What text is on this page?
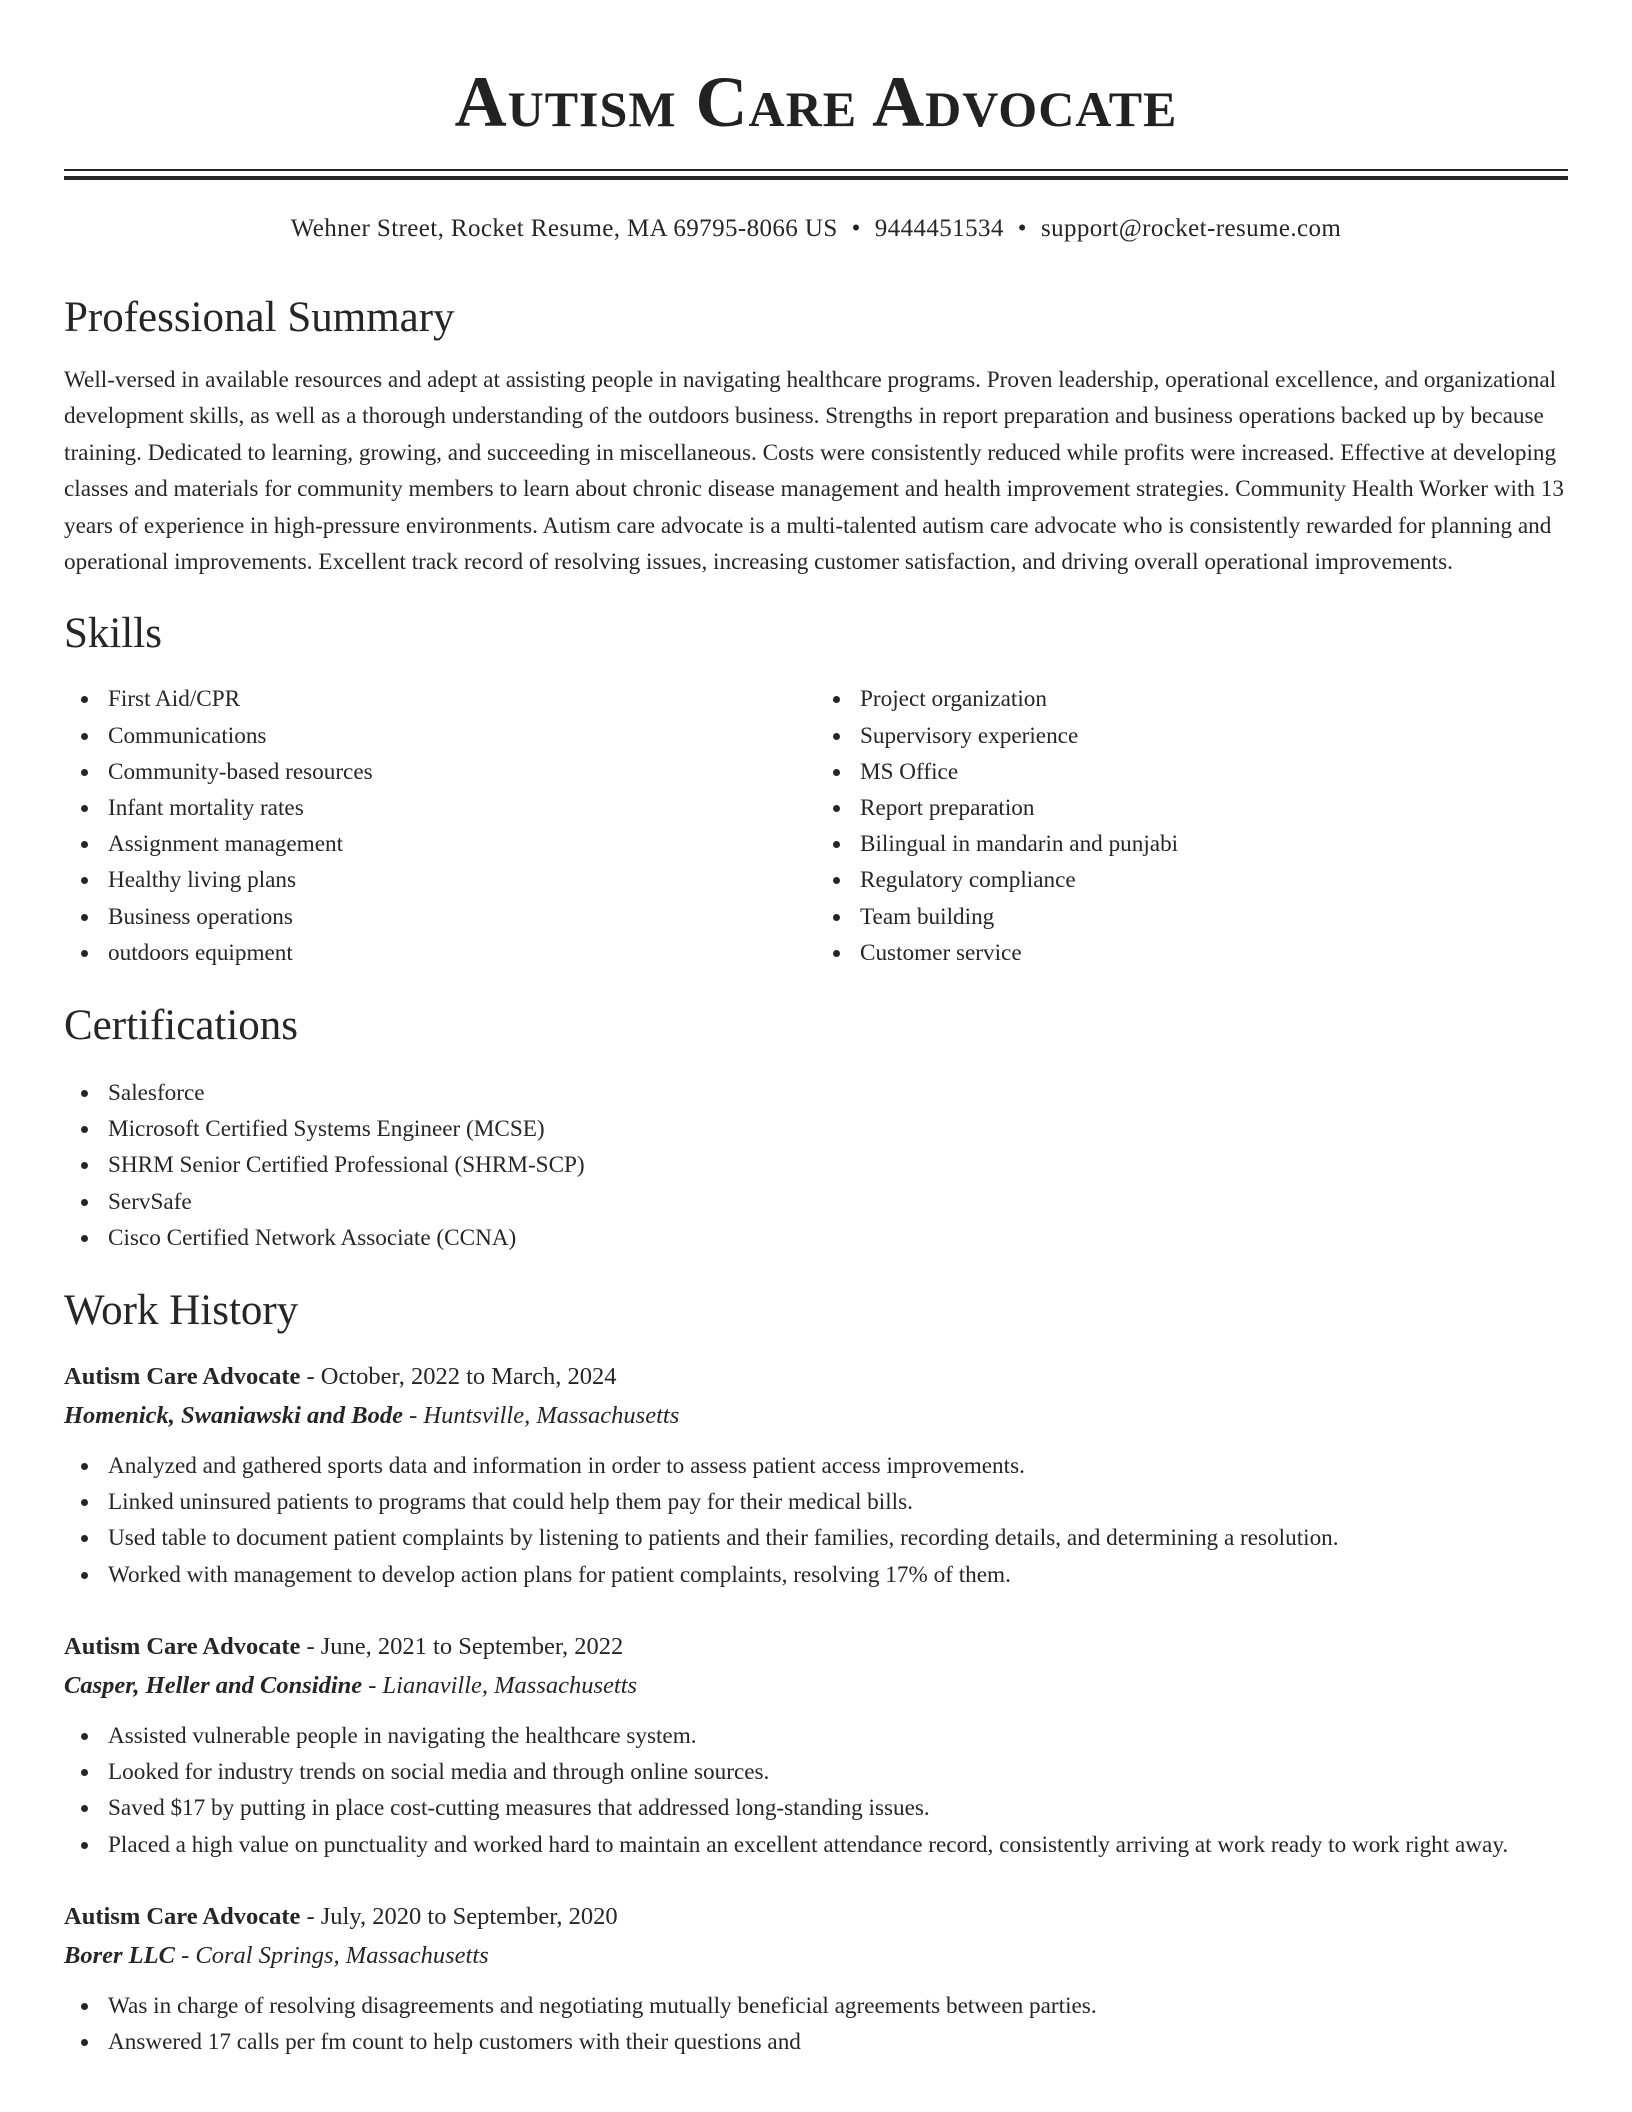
Autism Care Advocate
Wehner Street, Rocket Resume, MA 69795-8066 US • 9444451534 • support@rocket-resume.com
Professional Summary

Well-versed in available resources and adept at assisting people in navigating healthcare programs. Proven leadership, operational excellence, and organizational development skills, as well as a thorough understanding of the outdoors business. Strengths in report preparation and business operations backed up by because training. Dedicated to learning, growing, and succeeding in miscellaneous. Costs were consistently reduced while profits were increased. Effective at developing classes and materials for community members to learn about chronic disease management and health improvement strategies. Community Health Worker with 13 years of experience in high-pressure environments. Autism care advocate is a multi-talented autism care advocate who is consistently rewarded for planning and operational improvements. Excellent track record of resolving issues, increasing customer satisfaction, and driving overall operational improvements.

Skills
First Aid/CPR
Communications
Community-based resources
Infant mortality rates
Assignment management
Healthy living plans
Business operations
outdoors equipment
Project organization
Supervisory experience
MS Office
Report preparation
Bilingual in mandarin and punjabi
Regulatory compliance
Team building
Customer service
Certifications
Salesforce
Microsoft Certified Systems Engineer (MCSE)
SHRM Senior Certified Professional (SHRM-SCP)
ServSafe
Cisco Certified Network Associate (CCNA)
Work History
Autism Care Advocate - October, 2022 to March, 2024
Homenick, Swaniawski and Bode - Huntsville, Massachusetts
Analyzed and gathered sports data and information in order to assess patient access improvements.
Linked uninsured patients to programs that could help them pay for their medical bills.
Used table to document patient complaints by listening to patients and their families, recording details, and determining a resolution.
Worked with management to develop action plans for patient complaints, resolving 17% of them.
Autism Care Advocate - June, 2021 to September, 2022
Casper, Heller and Considine - Lianaville, Massachusetts
Assisted vulnerable people in navigating the healthcare system.
Looked for industry trends on social media and through online sources.
Saved $17 by putting in place cost-cutting measures that addressed long-standing issues.
Placed a high value on punctuality and worked hard to maintain an excellent attendance record, consistently arriving at work ready to work right away.
Autism Care Advocate - July, 2020 to September, 2020
Borer LLC - Coral Springs, Massachusetts
Was in charge of resolving disagreements and negotiating mutually beneficial agreements between parties.
Answered 17 calls per fm count to help customers with their questions and
